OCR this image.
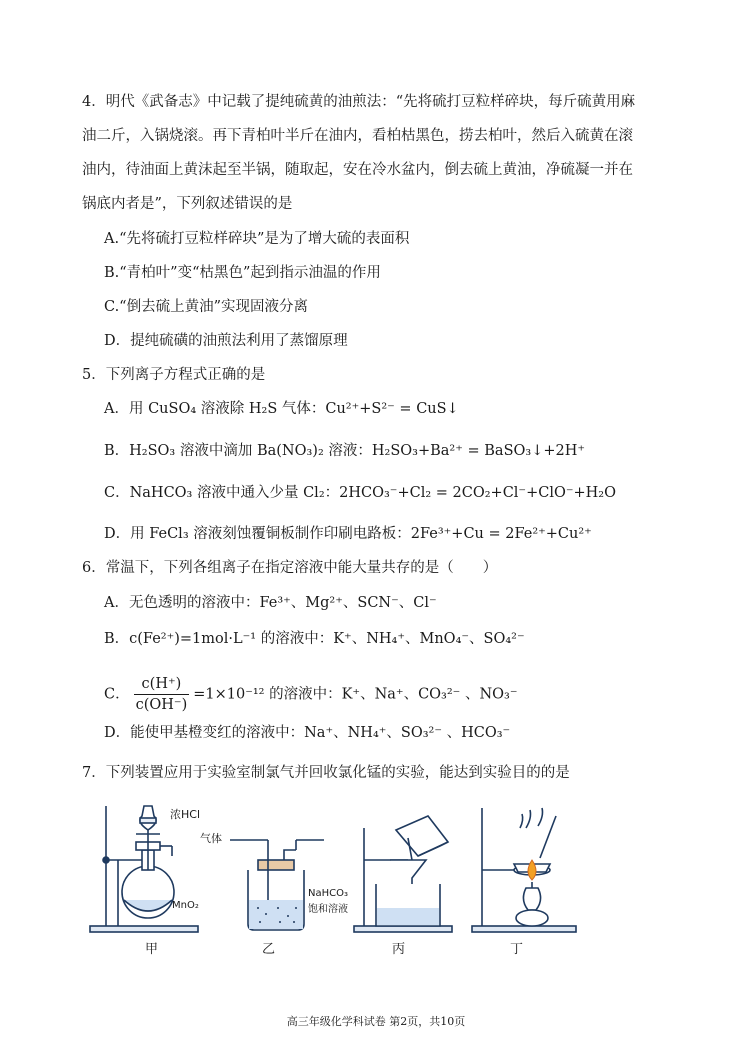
4．明代《武备志》中记载了提纯硫黄的油煎法：“先将硫打豆粒样碎块，每斤硫黄用麻
油二斤，入锅烧滚。再下青柏叶半斤在油内，看柏枯黑色，捞去柏叶，然后入硫黄在滚
油内，待油面上黄沫起至半锅，随取起，安在冷水盆内，倒去硫上黄油，净硫凝一并在
锅底内者是”，下列叙述错误的是
A.“先将硫打豆粒样碎块”是为了增大硫的表面积
B.“青柏叶”变“枯黑色”起到指示油温的作用
C.“倒去硫上黄油”实现固液分离
D．提纯硫磺的油煎法利用了蒸馏原理
5．下列离子方程式正确的是
A．用 CuSO₄ 溶液除 H₂S 气体：Cu²⁺+S²⁻ = CuS↓
B．H₂SO₃ 溶液中滴加 Ba(NO₃)₂ 溶液：H₂SO₃+Ba²⁺ = BaSO₃↓+2H⁺
C．NaHCO₃ 溶液中通入少量 Cl₂：2HCO₃⁻+Cl₂ = 2CO₂+Cl⁻+ClO⁻+H₂O
D．用 FeCl₃ 溶液刻蚀覆铜板制作印刷电路板：2Fe³⁺+Cu = 2Fe²⁺+Cu²⁺
6．常温下，下列各组离子在指定溶液中能大量共存的是（　　）
A．无色透明的溶液中：Fe³⁺、Mg²⁺、SCN⁻、Cl⁻
B．c(Fe²⁺)=1mol·L⁻¹ 的溶液中：K⁺、NH₄⁺、MnO₄⁻、SO₄²⁻
C． $\frac{c(H^+)}{c(OH^-)} =1\times 10^{-12}$ 的溶液中：K⁺、Na⁺、CO₃²⁻ 、NO₃⁻
D．能使甲基橙变红的溶液中：Na⁺、NH₄⁺、SO₃²⁻ 、HCO₃⁻
7．下列装置应用于实验室制氯气并回收氯化锰的实验，能达到实验目的的是
浓HCl
MnO₂
甲
气体
NaHCO₃
饱和溶液
乙	丙	丁
高三年级化学科试卷 第2页，共10页
